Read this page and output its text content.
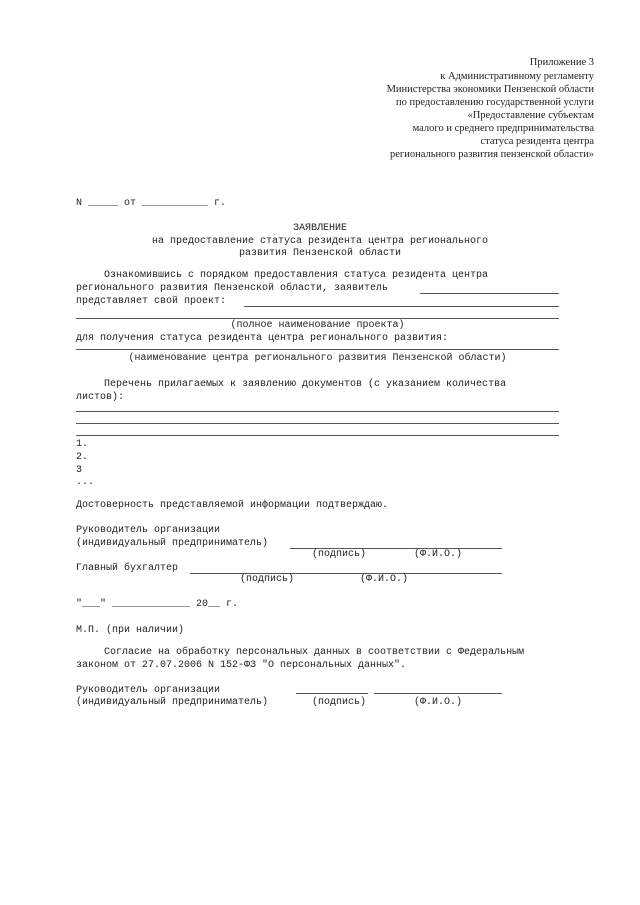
Приложение 3
к Административному регламенту
Министерства экономики Пензенской области
по предоставлению государственной услуги
«Предоставление субъектам
малого и среднего предпринимательства
статуса резидента центра
регионального развития пензенской области»
N _____ от ___________ г.
ЗАЯВЛЕНИЕ
на предоставление статуса резидента центра регионального
развития Пензенской области
Ознакомившись с порядком предоставления статуса резидента центра
регионального развития Пензенской области, заявитель
представляет свой проект:
(полное наименование проекта)
для получения статуса резидента центра регионального развития:
(наименование центра регионального развития Пензенской области)
Перечень прилагаемых к заявлению документов (с указанием количества
листов):
1.
2.
3
...
Достоверность представляемой информации подтверждаю.
Руководитель организации
(индивидуальный предприниматель)
(подпись)	(Ф.И.О.)
Главный бухгалтер
(подпись)	(Ф.И.О.)
"___" _____________ 20__ г.
М.П. (при наличии)
Согласие на обработку персональных данных в соответствии с Федеральным
законом от 27.07.2006 N 152-ФЗ "О персональных данных".
Руководитель организации
(индивидуальный предприниматель)	(подпись)	(Ф.И.О.)
